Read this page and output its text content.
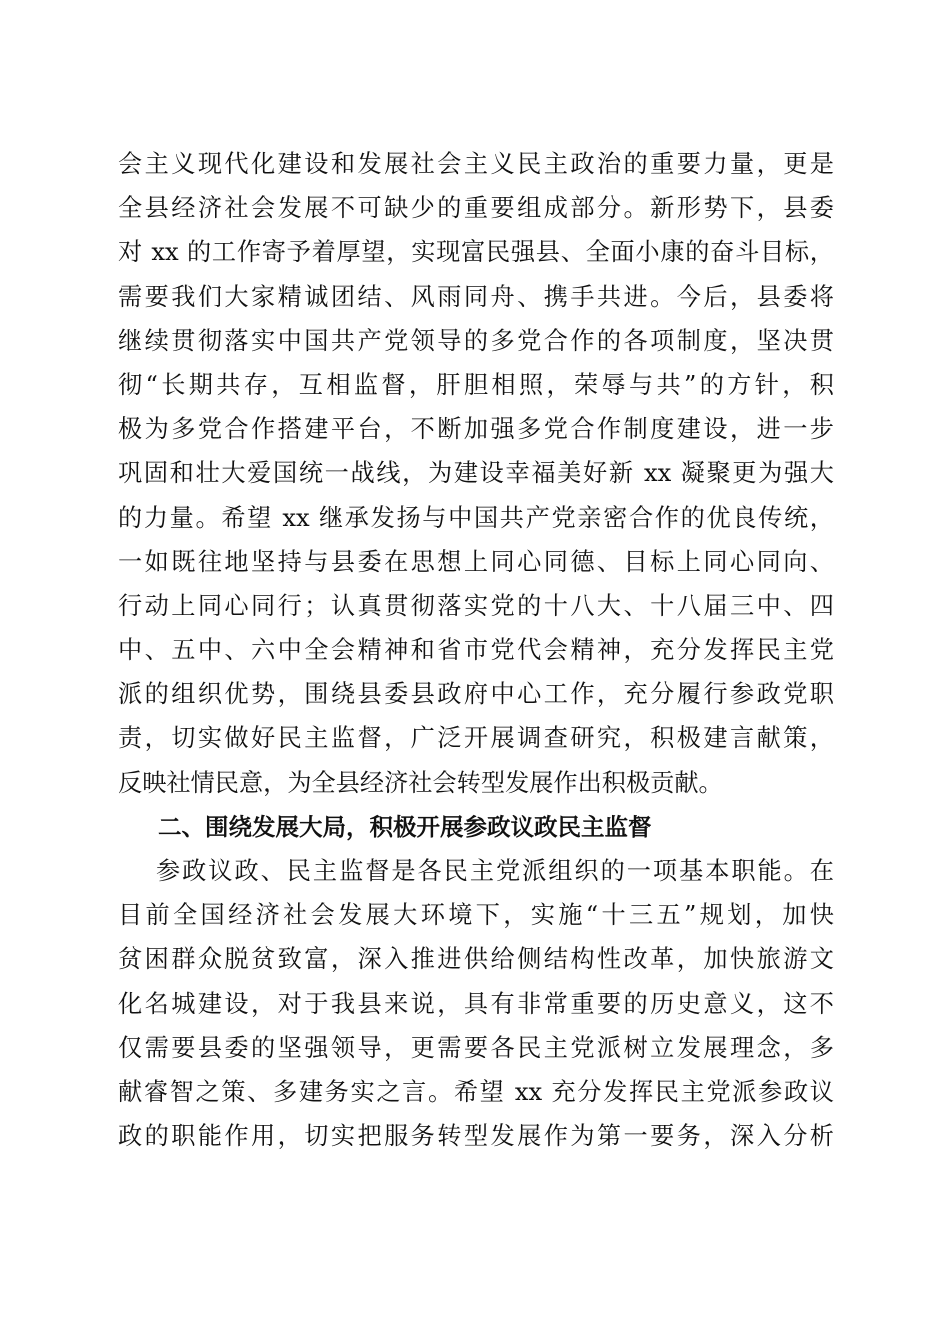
会主义现代化建设和发展社会主义民主政治的重要力量，更是
全县经济社会发展不可缺少的重要组成部分。新形势下，县委
对 xx 的工作寄予着厚望，实现富民强县、全面小康的奋斗目标，
需要我们大家精诚团结、风雨同舟、携手共进。今后，县委将
继续贯彻落实中国共产党领导的多党合作的各项制度，坚决贯
彻“长期共存，互相监督，肝胆相照，荣辱与共”的方针，积
极为多党合作搭建平台，不断加强多党合作制度建设，进一步
巩固和壮大爱国统一战线，为建设幸福美好新 xx 凝聚更为强大
的力量。希望 xx 继承发扬与中国共产党亲密合作的优良传统，
一如既往地坚持与县委在思想上同心同德、目标上同心同向、
行动上同心同行；认真贯彻落实党的十八大、十八届三中、四
中、五中、六中全会精神和省市党代会精神，充分发挥民主党
派的组织优势，围绕县委县政府中心工作，充分履行参政党职
责，切实做好民主监督，广泛开展调查研究，积极建言献策，
反映社情民意，为全县经济社会转型发展作出积极贡献。
二、围绕发展大局，积极开展参政议政民主监督
参政议政、民主监督是各民主党派组织的一项基本职能。在
目前全国经济社会发展大环境下，实施“十三五”规划，加快
贫困群众脱贫致富，深入推进供给侧结构性改革，加快旅游文
化名城建设，对于我县来说，具有非常重要的历史意义，这不
仅需要县委的坚强领导，更需要各民主党派树立发展理念，多
献睿智之策、多建务实之言。希望 xx 充分发挥民主党派参政议
政的职能作用，切实把服务转型发展作为第一要务，深入分析
